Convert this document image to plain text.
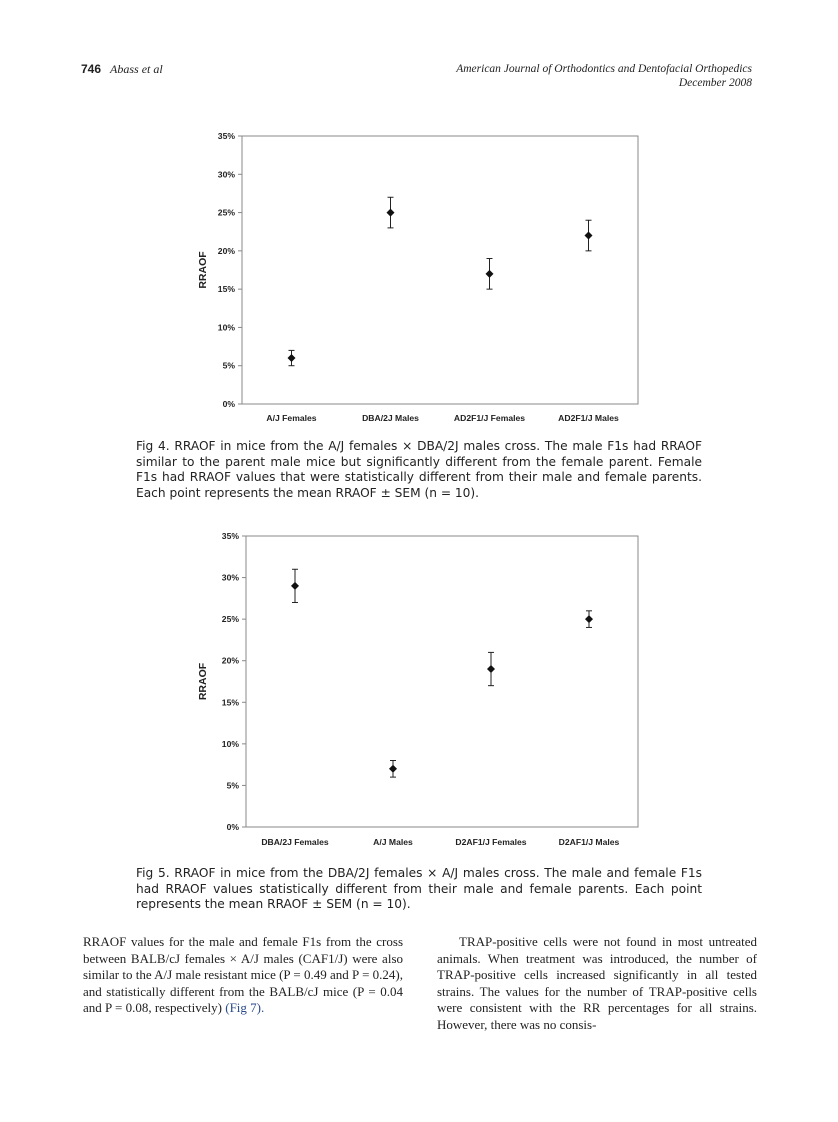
746 Abass et al	American Journal of Orthodontics and Dentofacial Orthopedics
December 2008
0%
5%
10%
15%
20%
25%
30%
35%
RRAOF
A/J Females	DBA/2J Males	AD2F1/J Females	AD2F1/J Males
Fig 4. RRAOF in mice from the A/J females × DBA/2J males cross. The male F1s had RRAOF similar to the parent male mice but significantly different from the female parent. Female F1s had RRAOF values that were statistically different from their male and female parents. Each point represents the mean RRAOF ± SEM (n = 10).
0%
5%
10%
15%
20%
25%
30%
35%
RRAOF
DBA/2J Females	A/J Males	D2AF1/J Females	D2AF1/J Males
Fig 5. RRAOF in mice from the DBA/2J females × A/J males cross. The male and female F1s had RRAOF values statistically different from their male and female parents. Each point represents the mean RRAOF ± SEM (n = 10).
RRAOF values for the male and female F1s from the cross between BALB/cJ females × A/J males (CAF1/J) were also similar to the A/J male resistant mice (P = 0.49 and P = 0.24), and statistically different from the BALB/cJ mice (P = 0.04 and P = 0.08, respectively) (Fig 7).
TRAP-positive cells were not found in most untreated animals. When treatment was introduced, the number of TRAP-positive cells increased significantly in all tested strains. The values for the number of TRAP-positive cells were consistent with the RR percentages for all strains. However, there was no consis-
